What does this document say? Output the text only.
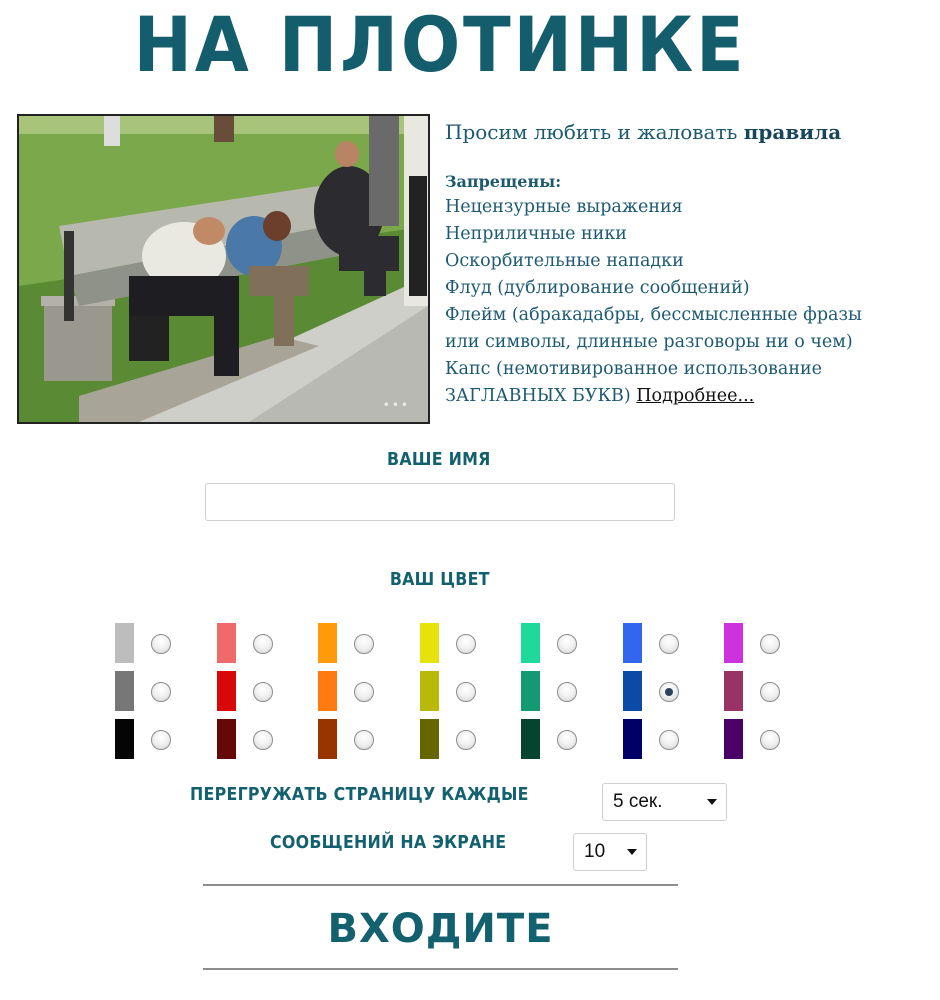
НА ПЛОТИНКЕ
•••
Просим любить и жаловать правила
Запрещены:
Нецензурные выражения
Неприличные ники
Оскорбительные нападки
Флуд (дублирование сообщений)
Флейм (абракадабры, бессмысленные фразы
или символы, длинные разговоры ни о чем)
Капс (немотивированное использование
ЗАГЛАВНЫХ БУКВ) Подробнее...
ВАШЕ ИМЯ
ВАШ ЦВЕТ
ПЕРЕГРУЖАТЬ СТРАНИЦУ КАЖДЫЕ	5 сек.
СООБЩЕНИЙ НА ЭКРАНЕ	10
ВХОДИТЕ
